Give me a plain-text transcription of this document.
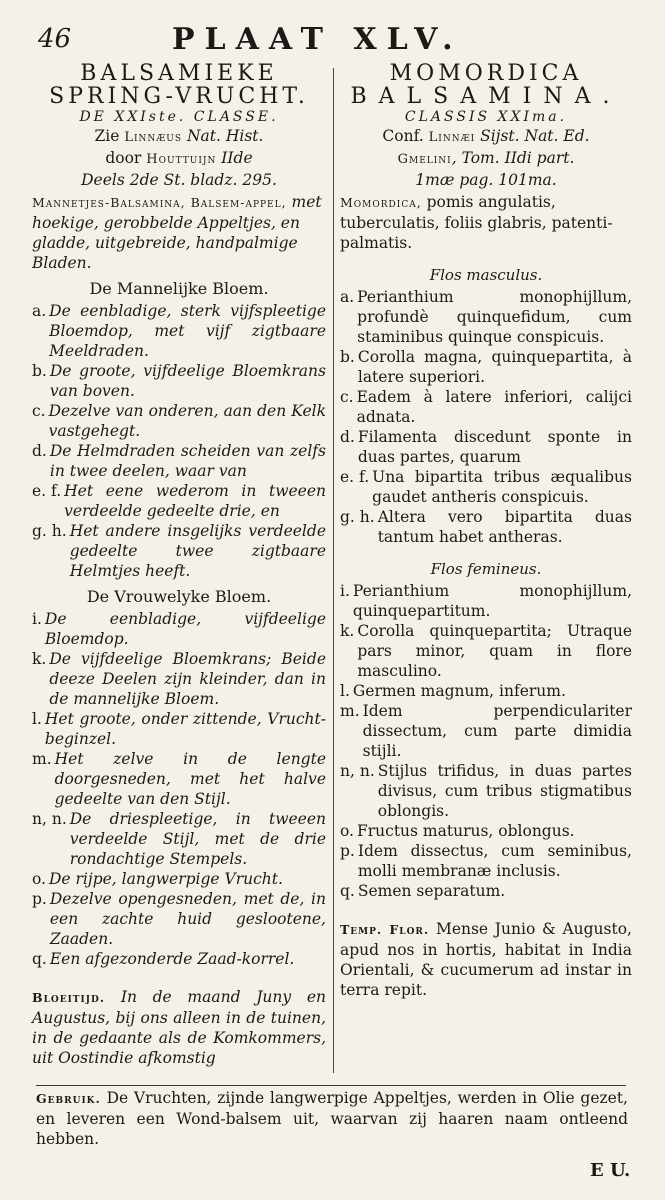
46	PLAAT XLV.
BALSAMIEKE
SPRING-VRUCHT.
DE XXIste. CLASSE.
Zie Linnæus Nat. Hist.
door Houttuijn IIde
Deels 2de St. bladz. 295.
Mannetjes-Balsamina, Balsem-appel, met hoekige, gerobbelde Appeltjes, en gladde, uitgebreide, handpalmige Bladen.
De Mannelijke Bloem.
a. De eenbladige, sterk vijfspleetige Bloemdop, met vijf zigtbaare Meeldraden.
b. De groote, vijfdeelige Bloemkrans van boven.
c. Dezelve van onderen, aan den Kelk vastgehegt.
d. De Helmdraden scheiden van zelfs in twee deelen, waar van
e. f. Het eene wederom in tweeen verdeelde gedeelte drie, en
g. h. Het andere insgelijks verdeelde gedeelte twee zigtbaare Helmtjes heeft.
De Vrouwelyke Bloem.
i. De eenbladige, vijfdeelige Bloemdop.
k. De vijfdeelige Bloemkrans; Beide deeze Deelen zijn kleinder, dan in de mannelijke Bloem.
l. Het groote, onder zittende, Vrucht-beginzel.
m. Het zelve in de lengte doorgesneden, met het halve gedeelte van den Stijl.
n, n. De driespleetige, in tweeen verdeelde Stijl, met de drie rondachtige Stempels.
o. De rijpe, langwerpige Vrucht.
p. Dezelve opengesneden, met de, in een zachte huid geslootene, Zaaden.
q. Een afgezonderde Zaad-korrel.
Bloeitijd. In de maand Juny en Augustus, bij ons alleen in de tuinen, in de gedaante als de Komkommers, uit Oostindie afkomstig
MOMORDICA
BALSAMINA.
CLASSIS XXIma.
Conf. Linnæi Sijst. Nat. Ed.
Gmelini, Tom. IIdi part.
1mæ pag. 101ma.
Momordica, pomis angulatis, tuberculatis, foliis glabris, patenti-palmatis.
Flos masculus.
a. Perianthium monophijllum, profundè quinquefidum, cum staminibus quinque conspicuis.
b. Corolla magna, quinquepartita, à latere superiori.
c. Eadem à latere inferiori, calijci adnata.
d. Filamenta discedunt sponte in duas partes, quarum
e. f. Una bipartita tribus æqualibus gaudet antheris conspicuis.
g. h. Altera vero bipartita duas tantum habet antheras.
Flos femineus.
i. Perianthium monophijllum, quinquepartitum.
k. Corolla quinquepartita; Utraque pars minor, quam in flore masculino.
l. Germen magnum, inferum.
m. Idem perpendiculariter dissectum, cum parte dimidia stijli.
n, n. Stijlus trifidus, in duas partes divisus, cum tribus stigmatibus oblongis.
o. Fructus maturus, oblongus.
p. Idem dissectus, cum seminibus, molli membranæ inclusis.
q. Semen separatum.
Temp. Flor. Mense Junio & Augusto, apud nos in hortis, habitat in India Orientali, & cucumerum ad instar in terra repit.
Gebruik. De Vruchten, zijnde langwerpige Appeltjes, werden in Olie gezet, en leveren een Wond-balsem uit, waarvan zij haaren naam ontleend hebben.
E U.
